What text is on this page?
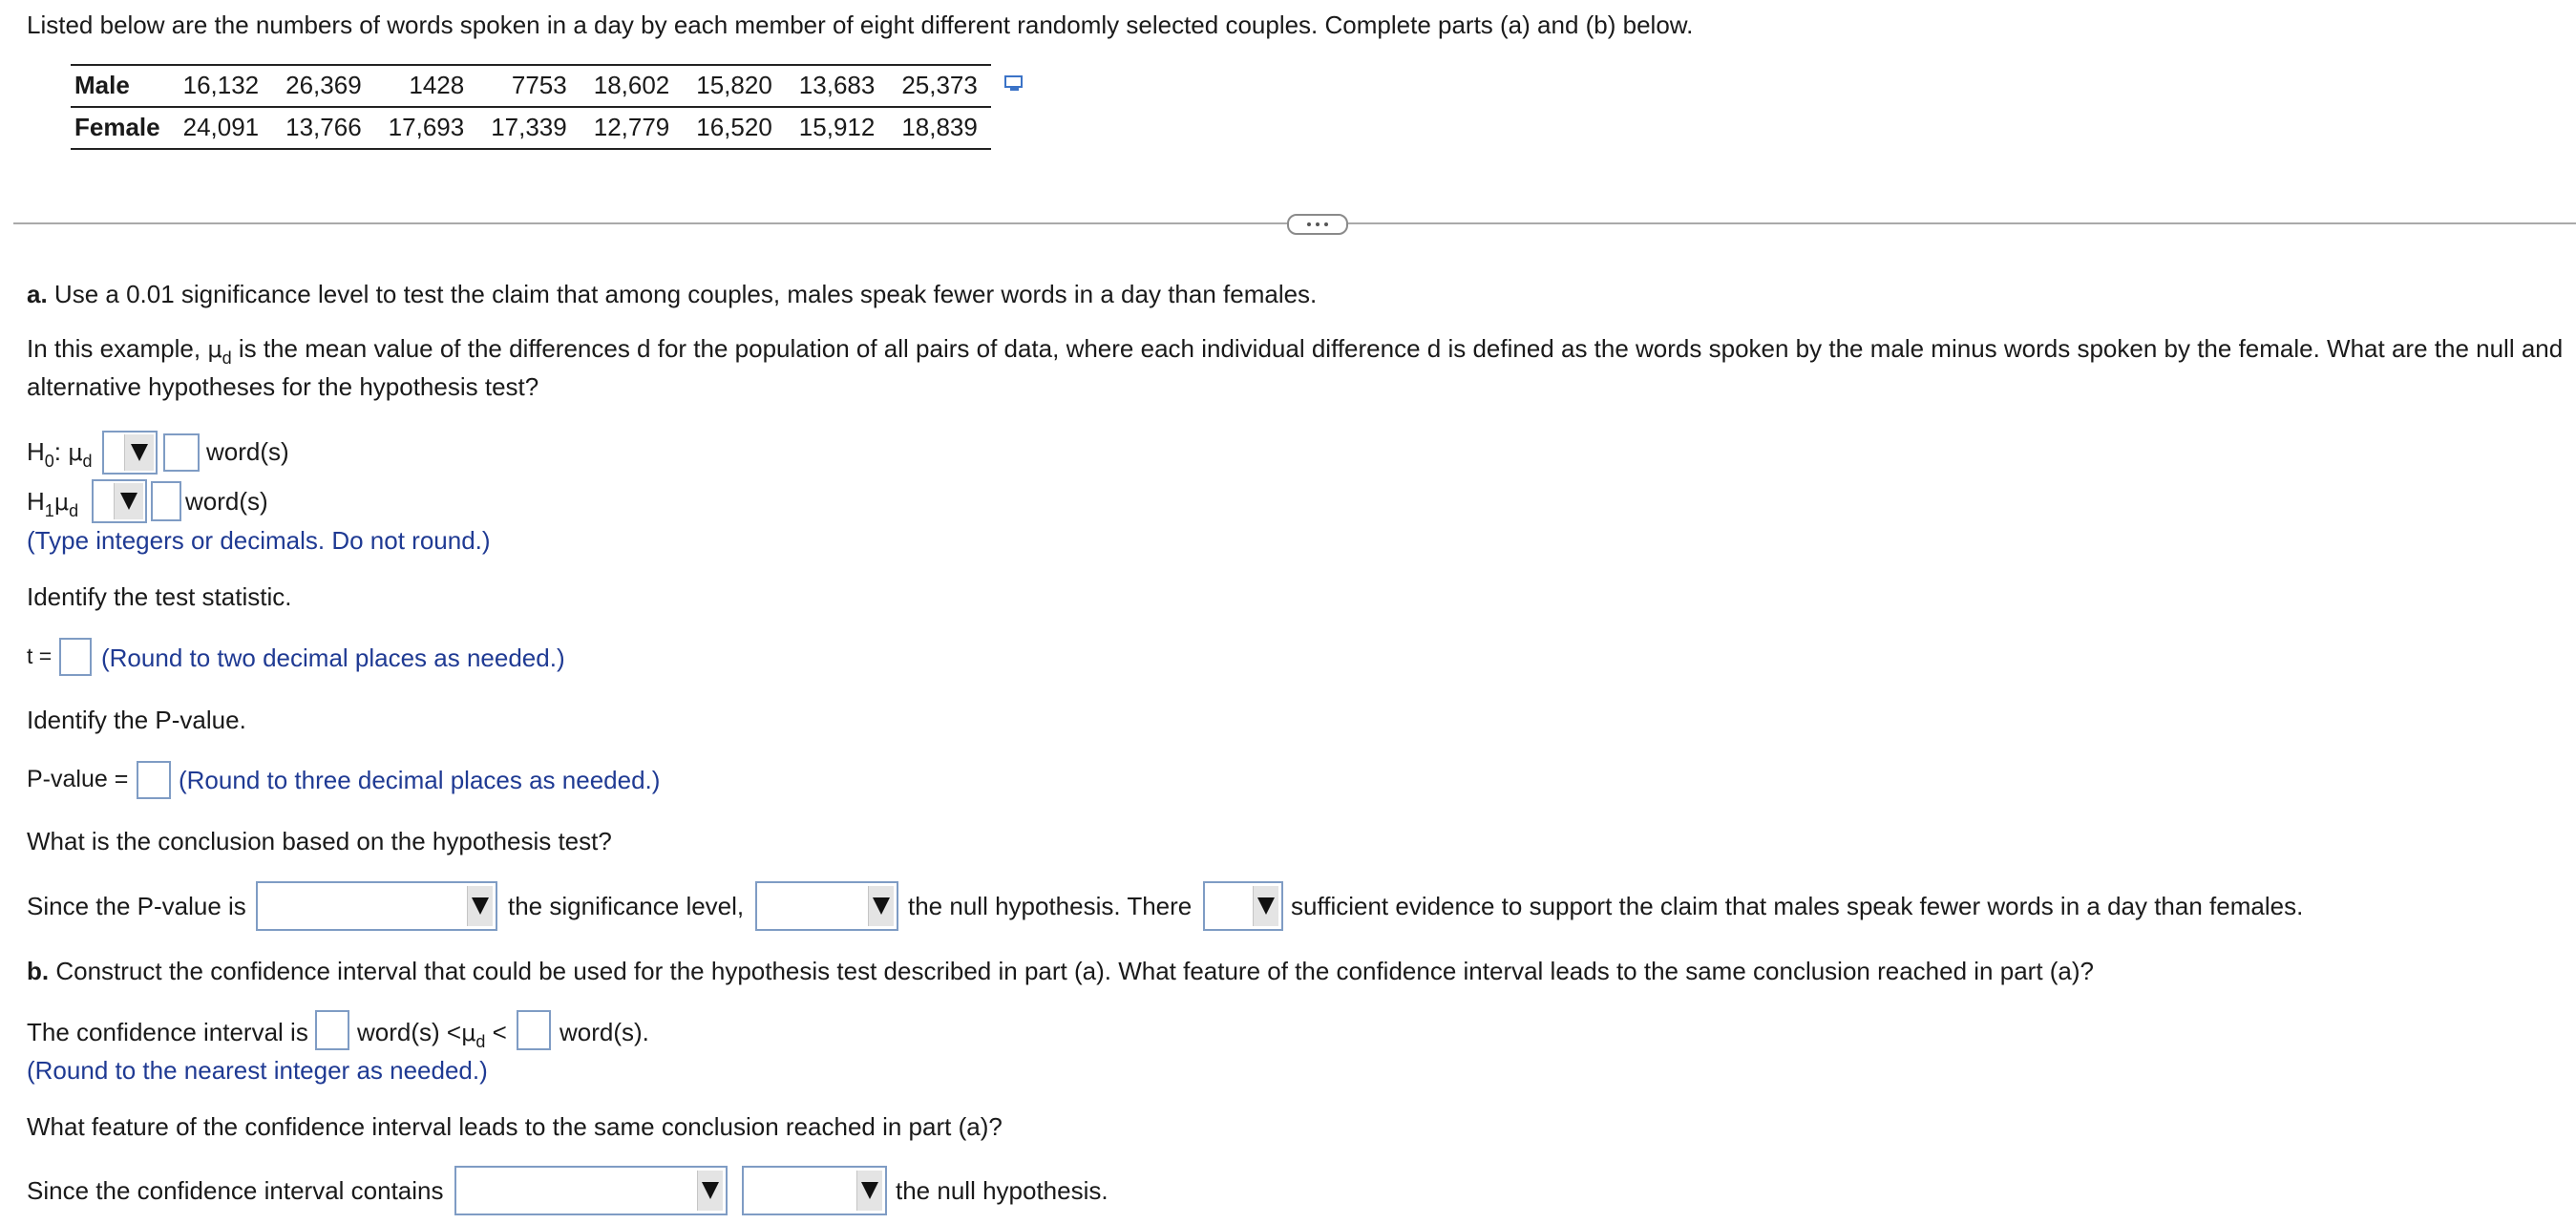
Listed below are the numbers of words spoken in a day by each member of eight different randomly selected couples. Complete parts (a) and (b) below.
Male	16,132	26,369	1428	7753	18,602	15,820	13,683	25,373
Female	24,091	13,766	17,693	17,339	12,779	16,520	15,912	18,839
a. Use a 0.01 significance level to test the claim that among couples, males speak fewer words in a day than females.
In this example, $\mu_d$ is the mean value of the differences d for the population of all pairs of data, where each individual difference d is defined as the words spoken by the male minus words spoken by the female. What are the null and
alternative hypotheses for the hypothesis test?
$H_0$: $\mu_d$	word(s)
$H_1\mu_d$	word(s)
(Type integers or decimals. Do not round.)
Identify the test statistic.
t = (Round to two decimal places as needed.)
Identify the P-value.
P-value = (Round to three decimal places as needed.)
What is the conclusion based on the hypothesis test?
Since the P-value is	the significance level,	the null hypothesis. There	sufficient evidence to support the claim that males speak fewer words in a day than females.
b. Construct the confidence interval that could be used for the hypothesis test described in part (a). What feature of the confidence interval leads to the same conclusion reached in part (a)?
The confidence interval is word(s) $<\mu_d$ < word(s).
(Round to the nearest integer as needed.)
What feature of the confidence interval leads to the same conclusion reached in part (a)?
Since the confidence interval contains	the null hypothesis.
